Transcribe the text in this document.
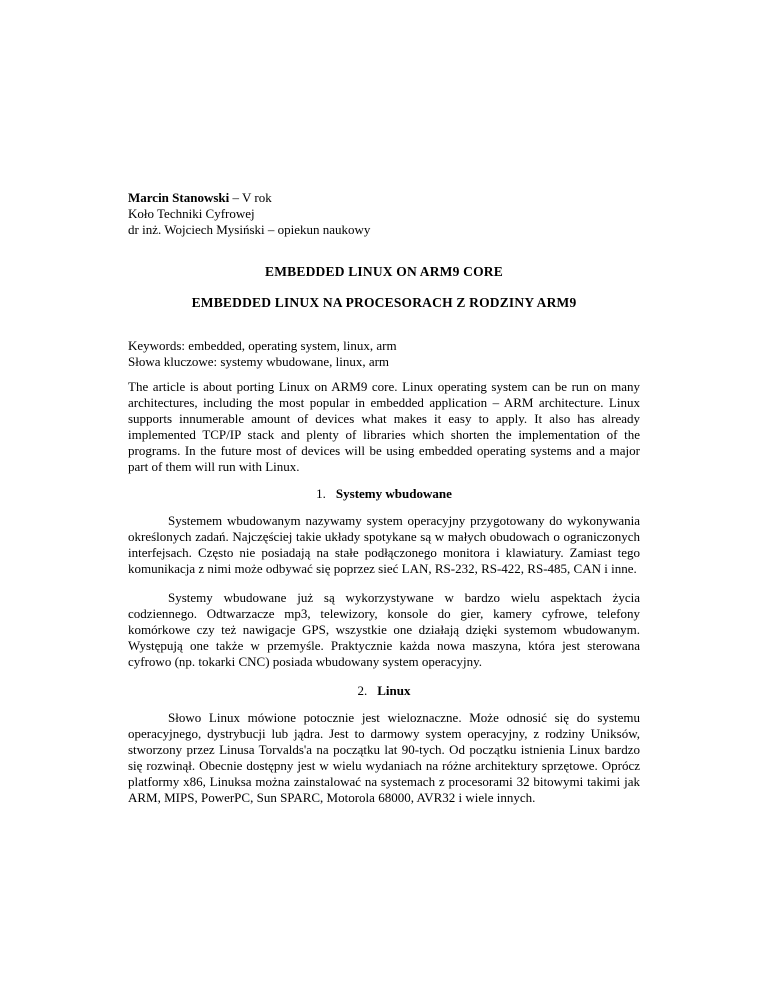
Marcin Stanowski – V rok

Koło Techniki Cyfrowej

dr inż. Wojciech Mysiński – opiekun naukowy

EMBEDDED LINUX ON ARM9 CORE
EMBEDDED LINUX NA PROCESORACH Z RODZINY ARM9

Keywords: embedded, operating system, linux, arm

Słowa kluczowe: systemy wbudowane, linux, arm

The article is about porting Linux on ARM9 core. Linux operating system can be run on many architectures, including the most popular in embedded application – ARM architecture. Linux supports innumerable amount of devices what makes it easy to apply. It also has already implemented TCP/IP stack and plenty of libraries which shorten the implementation of the programs. In the future most of devices will be using embedded operating systems and a major part of them will run with Linux.

1. Systemy wbudowane

Systemem wbudowanym nazywamy system operacyjny przygotowany do wykonywania określonych zadań. Najczęściej takie układy spotykane są w małych obudowach o ograniczonych interfejsach. Często nie posiadają na stałe podłączonego monitora i klawiatury. Zamiast tego komunikacja z nimi może odbywać się poprzez sieć LAN, RS-232, RS-422, RS-485, CAN i inne.

Systemy wbudowane już są wykorzystywane w bardzo wielu aspektach życia codziennego. Odtwarzacze mp3, telewizory, konsole do gier, kamery cyfrowe, telefony komórkowe czy też nawigacje GPS, wszystkie one działają dzięki systemom wbudowanym. Występują one także w przemyśle. Praktycznie każda nowa maszyna, która jest sterowana cyfrowo (np. tokarki CNC) posiada wbudowany system operacyjny.

2. Linux

Słowo Linux mówione potocznie jest wieloznaczne. Może odnosić się do systemu operacyjnego, dystrybucji lub jądra. Jest to darmowy system operacyjny, z rodziny Uniksów, stworzony przez Linusa Torvalds'a na początku lat 90-tych. Od początku istnienia Linux bardzo się rozwinął. Obecnie dostępny jest w wielu wydaniach na różne architektury sprzętowe. Oprócz platformy x86, Linuksa można zainstalować na systemach z procesorami 32 bitowymi takimi jak ARM, MIPS, PowerPC, Sun SPARC, Motorola 68000, AVR32 i wiele innych.
